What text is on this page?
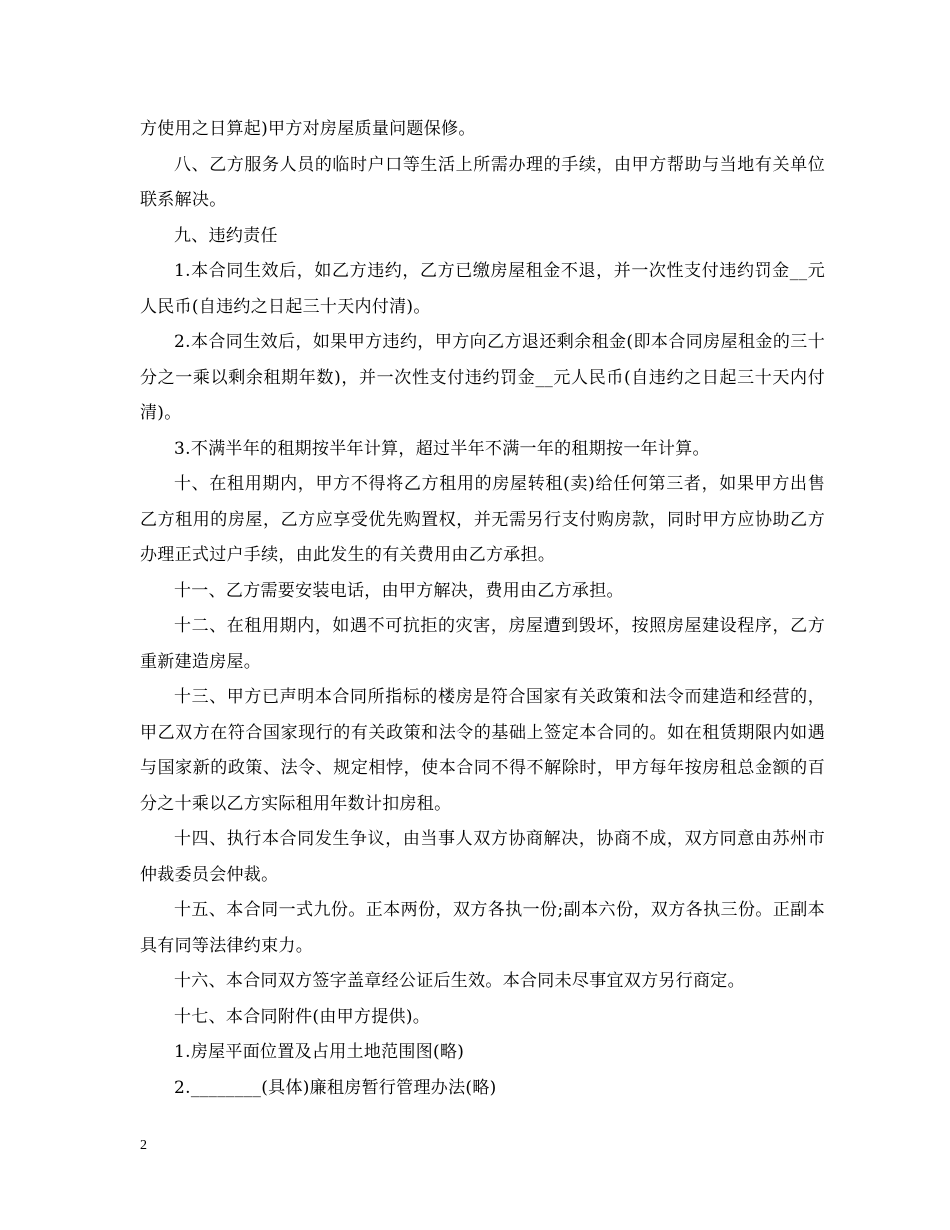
方使用之日算起)甲方对房屋质量问题保修。

八、乙方服务人员的临时户口等生活上所需办理的手续，由甲方帮助与当地有关单位联系解决。

九、违约责任

1.本合同生效后，如乙方违约，乙方已缴房屋租金不退，并一次性支付违约罚金__元人民币(自违约之日起三十天内付清)。

2.本合同生效后，如果甲方违约，甲方向乙方退还剩余租金(即本合同房屋租金的三十分之一乘以剩余租期年数)，并一次性支付违约罚金__元人民币(自违约之日起三十天内付清)。

3.不满半年的租期按半年计算，超过半年不满一年的租期按一年计算。

十、在租用期内，甲方不得将乙方租用的房屋转租(卖)给任何第三者，如果甲方出售乙方租用的房屋，乙方应享受优先购置权，并无需另行支付购房款，同时甲方应协助乙方办理正式过户手续，由此发生的有关费用由乙方承担。

十一、乙方需要安装电话，由甲方解决，费用由乙方承担。

十二、在租用期内，如遇不可抗拒的灾害，房屋遭到毁坏，按照房屋建设程序，乙方重新建造房屋。

十三、甲方已声明本合同所指标的楼房是符合国家有关政策和法令而建造和经营的，甲乙双方在符合国家现行的有关政策和法令的基础上签定本合同的。如在租赁期限内如遇与国家新的政策、法令、规定相悖，使本合同不得不解除时，甲方每年按房租总金额的百分之十乘以乙方实际租用年数计扣房租。

十四、执行本合同发生争议，由当事人双方协商解决，协商不成，双方同意由苏州市仲裁委员会仲裁。

十五、本合同一式九份。正本两份，双方各执一份;副本六份，双方各执三份。正副本具有同等法律约束力。

十六、本合同双方签字盖章经公证后生效。本合同未尽事宜双方另行商定。

十七、本合同附件(由甲方提供)。

1.房屋平面位置及占用土地范围图(略)

2.________(具体)廉租房暂行管理办法(略)

2
